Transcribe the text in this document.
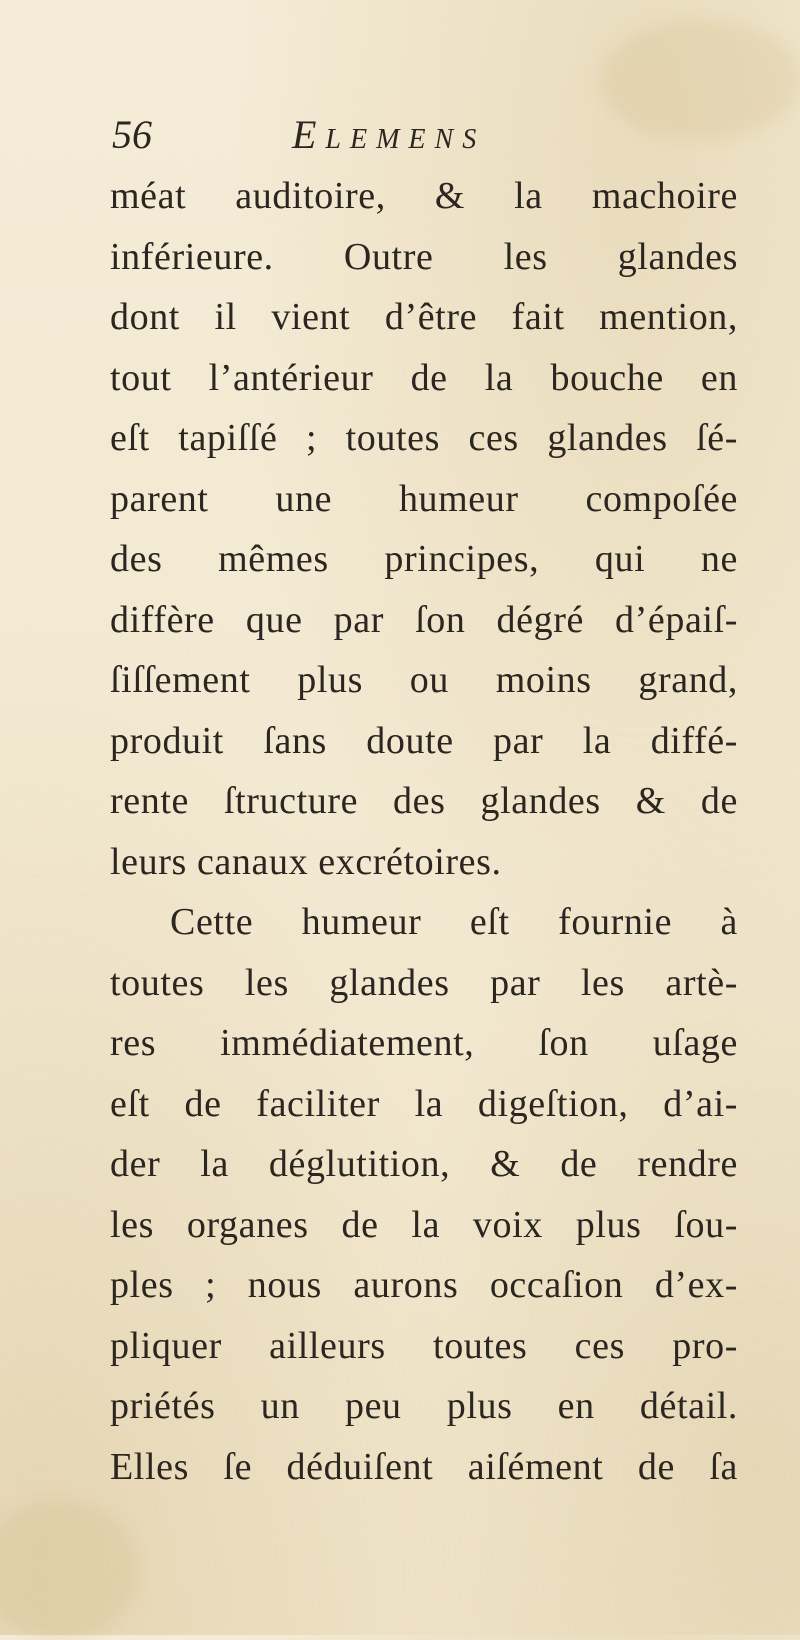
56	Elemens
méat auditoire, & la machoire
inférieure. Outre les glandes
dont il vient d’être fait mention,
tout l’antérieur de la bouche en
eſt tapiſſé ; toutes ces glandes ſé-
parent une humeur compoſée
des mêmes principes, qui ne
diffère que par ſon dégré d’épaiſ-
ſiſſement plus ou moins grand,
produit ſans doute par la diffé-
rente ſtructure des glandes & de
leurs canaux excrétoires.
Cette humeur eſt fournie à
toutes les glandes par les artè-
res immédiatement, ſon uſage
eſt de faciliter la digeſtion, d’ai-
der la déglutition, & de rendre
les organes de la voix plus ſou-
ples ; nous aurons occaſion d’ex-
pliquer ailleurs toutes ces pro-
priétés un peu plus en détail.
Elles ſe déduiſent aiſément de ſa
